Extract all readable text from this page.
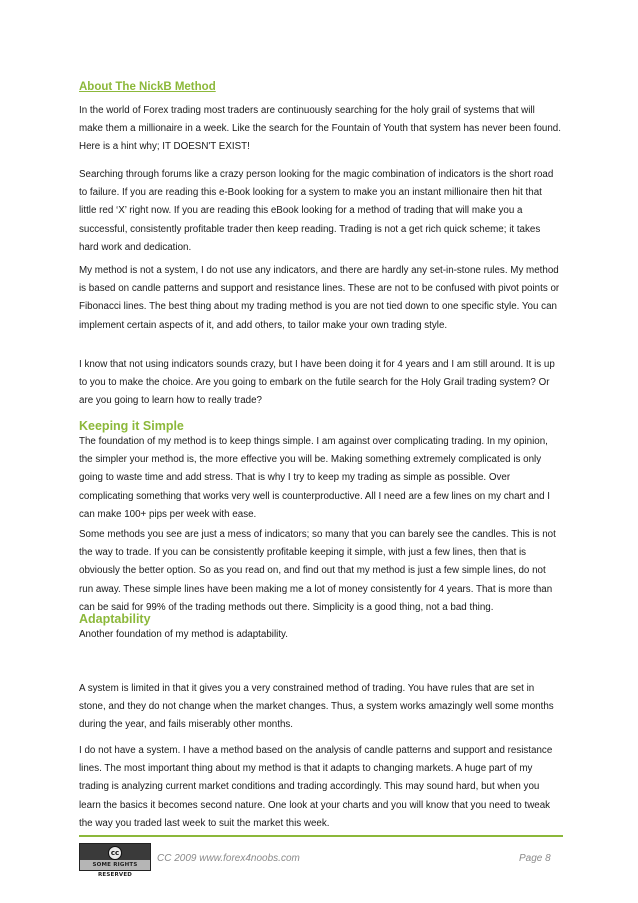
About The NickB Method

In the world of Forex trading most traders are continuously searching for the holy grail of systems that will make them a millionaire in a week. Like the search for the Fountain of Youth that system has never been found. Here is a hint why; IT DOESN'T EXIST!

Searching through forums like a crazy person looking for the magic combination of indicators is the short road to failure. If you are reading this e-Book looking for a system to make you an instant millionaire then hit that little red ‘X’ right now. If you are reading this eBook looking for a method of trading that will make you a successful, consistently profitable trader then keep reading. Trading is not a get rich quick scheme; it takes hard work and dedication.

My method is not a system, I do not use any indicators, and there are hardly any set-in-stone rules. My method is based on candle patterns and support and resistance lines. These are not to be confused with pivot points or Fibonacci lines. The best thing about my trading method is you are not tied down to one specific style. You can implement certain aspects of it, and add others, to tailor make your own trading style.

I know that not using indicators sounds crazy, but I have been doing it for 4 years and I am still around. It is up to you to make the choice. Are you going to embark on the futile search for the Holy Grail trading system? Or are you going to learn how to really trade?

Keeping it Simple

The foundation of my method is to keep things simple. I am against over complicating trading. In my opinion, the simpler your method is, the more effective you will be. Making something extremely complicated is only going to waste time and add stress. That is why I try to keep my trading as simple as possible. Over complicating something that works very well is counterproductive. All I need are a few lines on my chart and I can make 100+ pips per week with ease.

Some methods you see are just a mess of indicators; so many that you can barely see the candles. This is not the way to trade. If you can be consistently profitable keeping it simple, with just a few lines, then that is obviously the better option. So as you read on, and find out that my method is just a few simple lines, do not run away. These simple lines have been making me a lot of money consistently for 4 years. That is more than can be said for 99% of the trading methods out there. Simplicity is a good thing, not a bad thing.

Adaptability

Another foundation of my method is adaptability.

A system is limited in that it gives you a very constrained method of trading. You have rules that are set in stone, and they do not change when the market changes. Thus, a system works amazingly well some months during the year, and fails miserably other months.

I do not have a system. I have a method based on the analysis of candle patterns and support and resistance lines. The most important thing about my method is that it adapts to changing markets. A huge part of my trading is analyzing current market conditions and trading accordingly. This may sound hard, but when you learn the basics it becomes second nature. One look at your charts and you will know that you need to tweak the way you traded last week to suit the market this week.

cc
SOME RIGHTS RESERVED
CC 2009 www.forex4noobs.com	Page 8
